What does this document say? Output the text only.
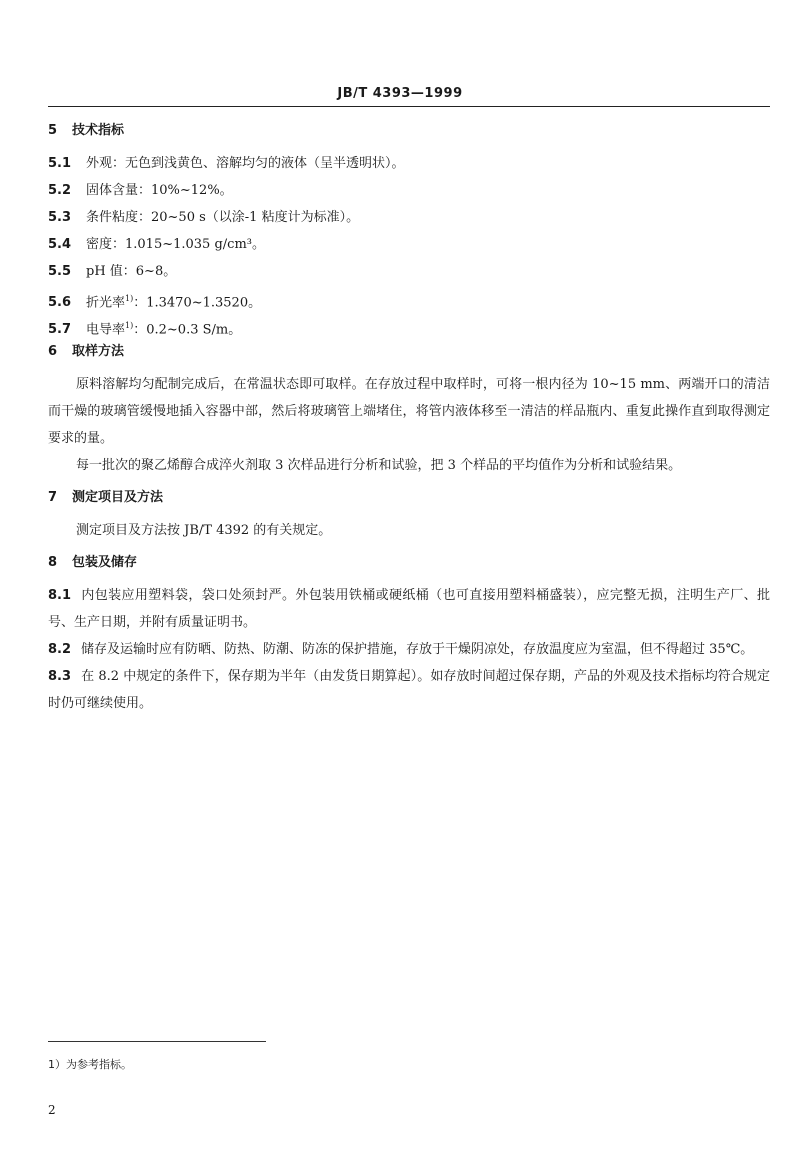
JB/T 4393—1999
5 技术指标
5.1 外观：无色到浅黄色、溶解均匀的液体（呈半透明状）。
5.2 固体含量：10%~12%。
5.3 条件粘度：20~50 s（以涂-1 粘度计为标准）。
5.4 密度：1.015~1.035 g/cm³。
5.5 pH 值：6~8。
5.6 折光率$^{1)}$：1.3470~1.3520。
5.7 电导率$^{1)}$：0.2~0.3 S/m。
6 取样方法

原料溶解均匀配制完成后，在常温状态即可取样。在存放过程中取样时，可将一根内径为 10~15 mm、两端开口的清洁而干燥的玻璃管缓慢地插入容器中部，然后将玻璃管上端堵住，将管内液体移至一清洁的样品瓶内、重复此操作直到取得测定要求的量。

每一批次的聚乙烯醇合成淬火剂取 3 次样品进行分析和试验，把 3 个样品的平均值作为分析和试验结果。

7 测定项目及方法

测定项目及方法按 JB/T 4392 的有关规定。

8 包装及储存

8.1 内包装应用塑料袋，袋口处须封严。外包装用铁桶或硬纸桶（也可直接用塑料桶盛装），应完整无损，注明生产厂、批号、生产日期，并附有质量证明书。

8.2 储存及运输时应有防晒、防热、防潮、防冻的保护措施，存放于干燥阴凉处，存放温度应为室温，但不得超过 35℃。

8.3 在 8.2 中规定的条件下，保存期为半年（由发货日期算起）。如存放时间超过保存期，产品的外观及技术指标均符合规定时仍可继续使用。

1）为参考指标。
2
